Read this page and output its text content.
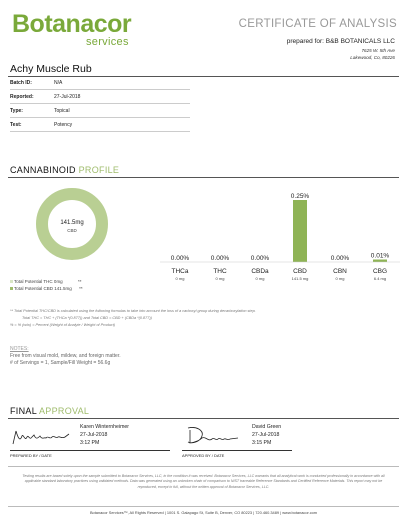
Botanacor
services
CERTIFICATE OF ANALYSIS
prepared for: B&B BOTANICALS LLC
7625 W. 5th Ave
Lakewood, Co, 80226
Achy Muscle Rub
Batch ID:	N/A
Reported:	27-Jul-2018
Type:	Topical
Test:	Potency
CANNABINOID PROFILE
141.5mg
CBD
Total Potential THC 0mg	**
Total Potential CBD 141.5mg **
0.00%
THCa
0 mg
0.00%
THC
0 mg
0.00%
CBDa
0 mg
0.25%
CBD
141.5 mg
0.00%
CBN
0 mg
0.01%
CBG
6.4 mg
** Total Potential THC/CBD is calculated using the following formulas to take into account the loss of a carboxyl group during decarboxylation step.
Total THC = THC + (THCa *(0.877)) and Total CBD = CBD + (CBDa *(0.877))
% = % (w/w) = Percent (Weight of Analyte / Weight of Product)
NOTES:
Free from visual mold, mildew, and foreign matter.
# of Servings = 1, Sample/Fill Weight = 56.6g
FINAL APPROVAL
Karen Winternheimer
27-Jul-2018
3:12 PM
PREPARED BY / DATE
David Green
27-Jul-2018
3:15 PM
APPROVED BY / DATE
Testing results are based solely upon the sample submitted to Botanacor Services, LLC, in the condition it was received. Botanacor Services, LLC warrants that all analytical work is conducted professionally in accordance with all applicable standard laboratory practices using validated methods. Data was generated using an unbroken chain of comparison to NIST traceable Reference Standards and Certified Reference Materials. This report may not be reproduced, except in full, without the written approval of Botanacor Services, LLC.
Botanacor Services™, All Rights Reserved | 1001 S. Galapago St, Suite B, Denver, CO 80223 | 720.460.3489 | www.botanacor.com
